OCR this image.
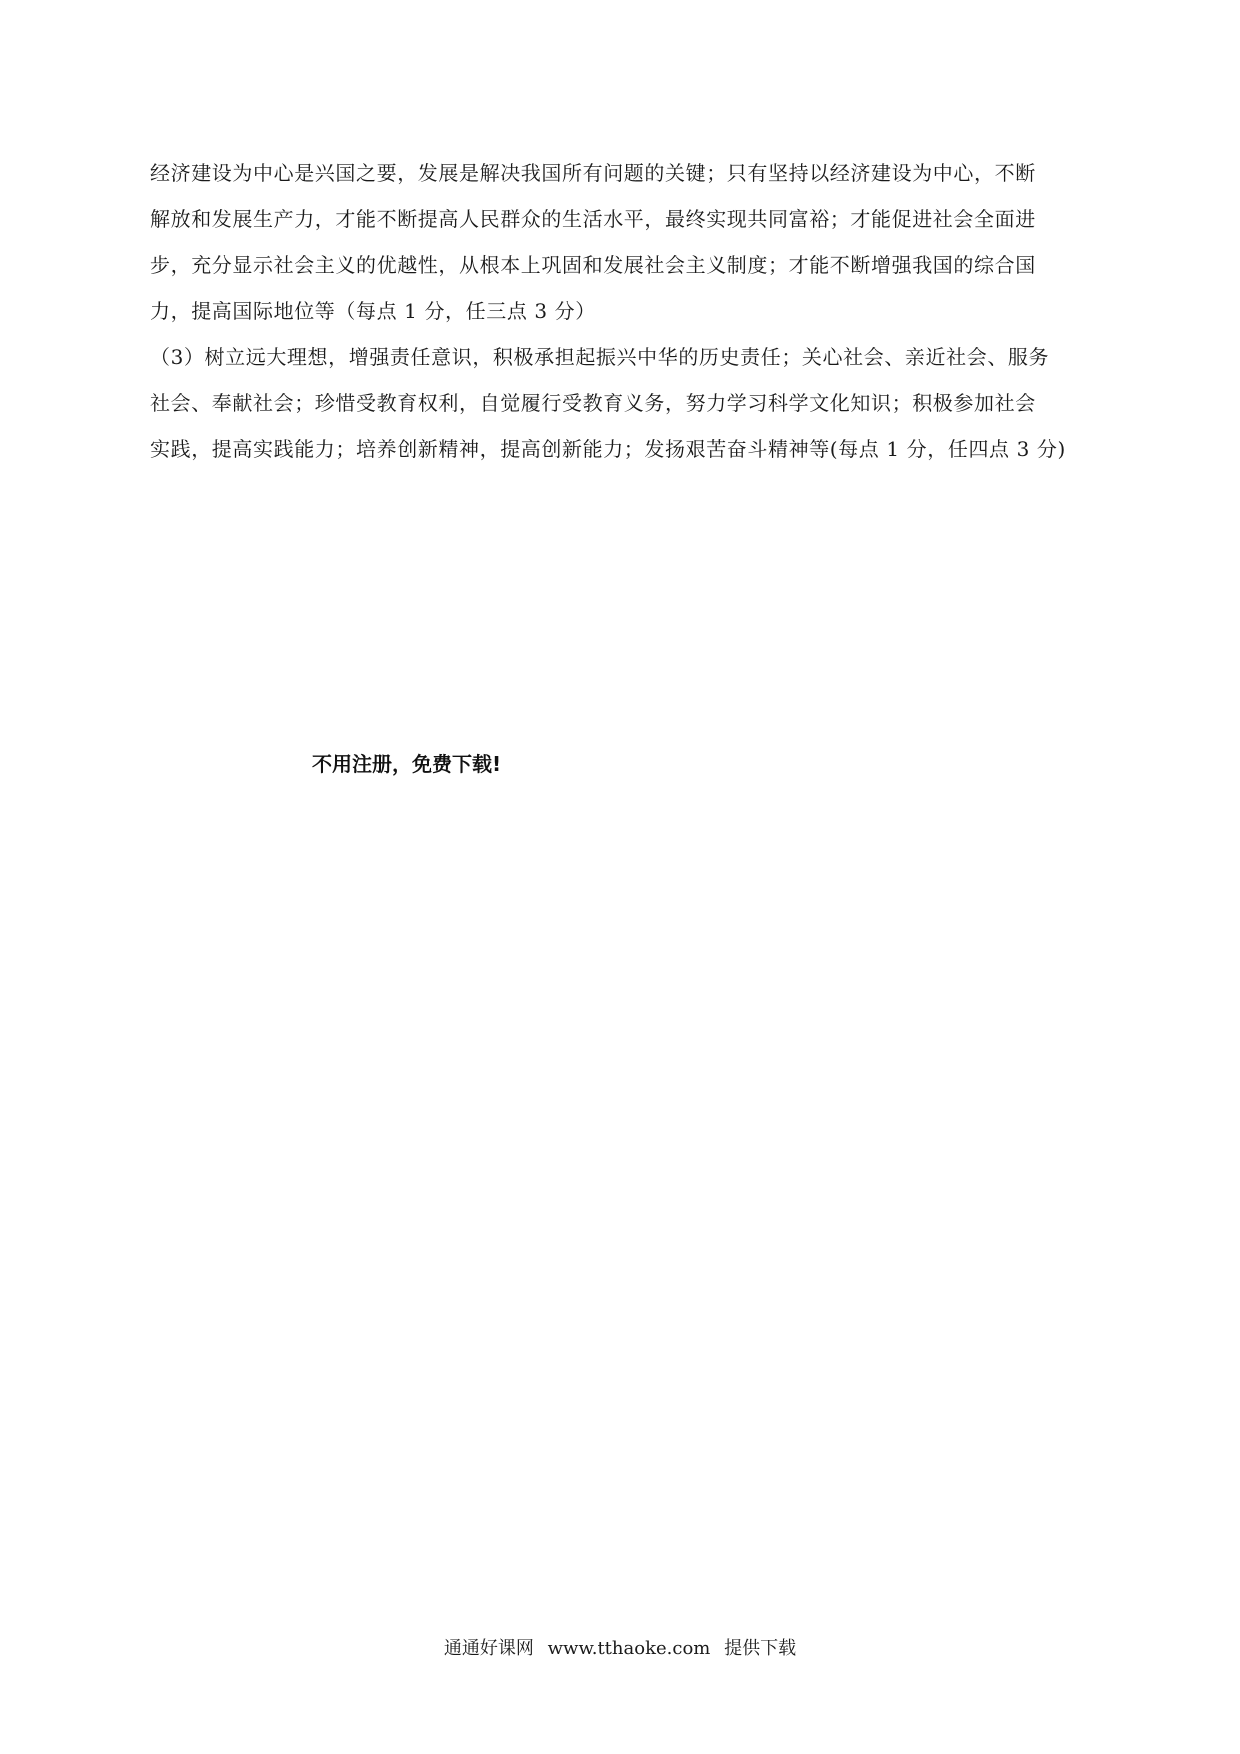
经济建设为中心是兴国之要，发展是解决我国所有问题的关键；只有坚持以经济建设为中心，不断
解放和发展生产力，才能不断提高人民群众的生活水平，最终实现共同富裕；才能促进社会全面进
步，充分显示社会主义的优越性，从根本上巩固和发展社会主义制度；才能不断增强我国的综合国
力，提高国际地位等（每点 1 分，任三点 3 分）
（3）树立远大理想，增强责任意识，积极承担起振兴中华的历史责任；关心社会、亲近社会、服务
社会、奉献社会；珍惜受教育权利，自觉履行受教育义务，努力学习科学文化知识；积极参加社会
实践，提高实践能力；培养创新精神，提高创新能力；发扬艰苦奋斗精神等(每点 1 分，任四点 3 分)
不用注册，免费下载!
通通好课网 www.tthaoke.com 提供下载
